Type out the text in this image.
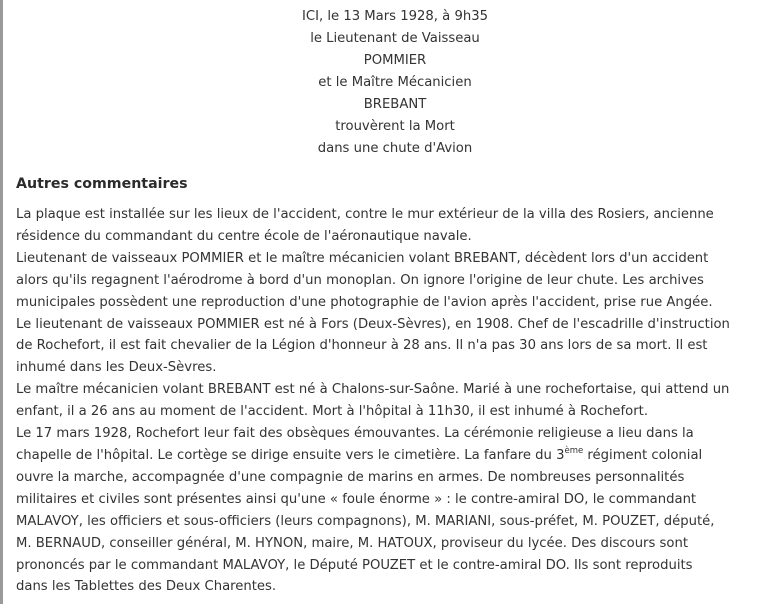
ICI, le 13 Mars 1928, à 9h35
le Lieutenant de Vaisseau
POMMIER
et le Maître Mécanicien
BREBANT
trouvèrent la Mort
dans une chute d'Avion
Autres commentaires
La plaque est installée sur les lieux de l'accident, contre le mur extérieur de la villa des Rosiers, ancienne
résidence du commandant du centre école de l'aéronautique navale.
Lieutenant de vaisseaux POMMIER et le maître mécanicien volant BREBANT, décèdent lors d'un accident
alors qu'ils regagnent l'aérodrome à bord d'un monoplan. On ignore l'origine de leur chute. Les archives
municipales possèdent une reproduction d'une photographie de l'avion après l'accident, prise rue Angée.
Le lieutenant de vaisseaux POMMIER est né à Fors (Deux-Sèvres), en 1908. Chef de l'escadrille d'instruction
de Rochefort, il est fait chevalier de la Légion d'honneur à 28 ans. Il n'a pas 30 ans lors de sa mort. Il est
inhumé dans les Deux-Sèvres.
Le maître mécanicien volant BREBANT est né à Chalons-sur-Saône. Marié à une rochefortaise, qui attend un
enfant, il a 26 ans au moment de l'accident. Mort à l'hôpital à 11h30, il est inhumé à Rochefort.
Le 17 mars 1928, Rochefort leur fait des obsèques émouvantes. La cérémonie religieuse a lieu dans la
chapelle de l'hôpital. Le cortège se dirige ensuite vers le cimetière. La fanfare du 3ème régiment colonial
ouvre la marche, accompagnée d'une compagnie de marins en armes. De nombreuses personnalités
militaires et civiles sont présentes ainsi qu'une « foule énorme » : le contre-amiral DO, le commandant
MALAVOY, les officiers et sous-officiers (leurs compagnons), M. MARIANI, sous-préfet, M. POUZET, député,
M. BERNAUD, conseiller général, M. HYNON, maire, M. HATOUX, proviseur du lycée. Des discours sont
prononcés par le commandant MALAVOY, le Député POUZET et le contre-amiral DO. Ils sont reproduits
dans les Tablettes des Deux Charentes.
